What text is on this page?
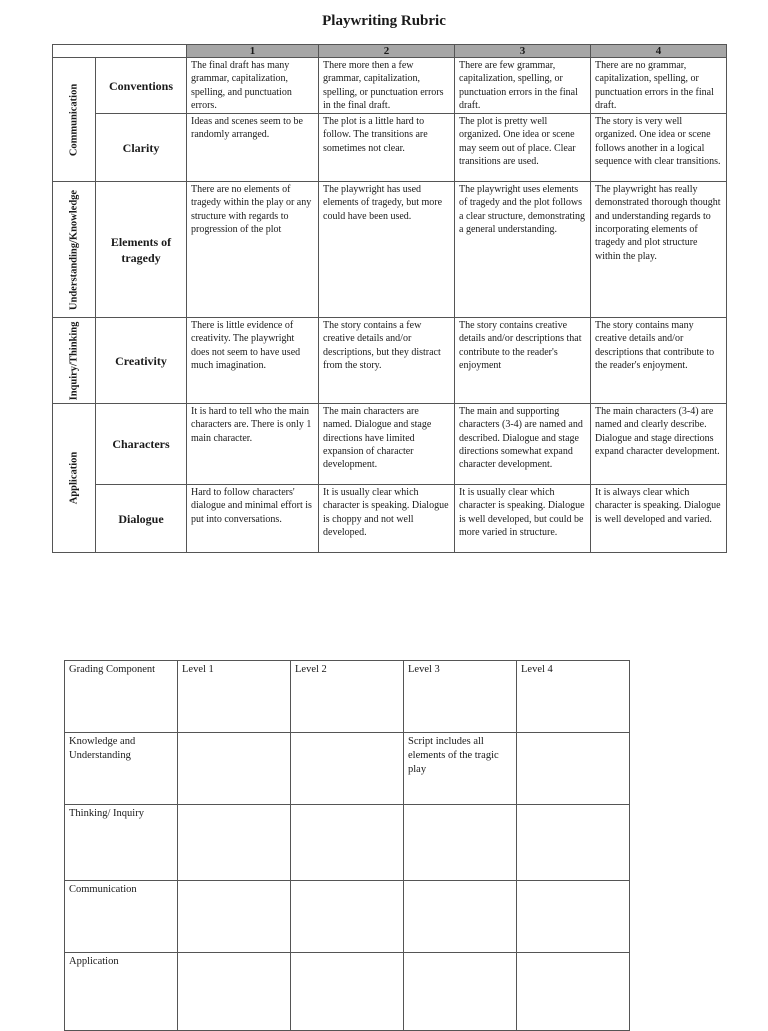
Playwriting Rubric
		1	2	3	4

Communication	Conventions	The final draft has many grammar, capitalization, spelling, and punctuation errors.	There more then a few grammar, capitalization, spelling, or punctuation errors in the final draft.	There are few grammar, capitalization, spelling, or punctuation errors in the final draft.	There are no grammar, capitalization, spelling, or punctuation errors in the final draft.
	Clarity	Ideas and scenes seem to be randomly arranged.	The plot is a little hard to follow. The transitions are sometimes not clear.	The plot is pretty well organized. One idea or scene may seem out of place. Clear transitions are used.	The story is very well organized. One idea or scene follows another in a logical sequence with clear transitions.

Understanding/Knowledge	Elements of tragedy	There are no elements of tragedy within the play or any structure with regards to progression of the plot	The playwright has used elements of tragedy, but more could have been used.	The playwright uses elements of tragedy and the plot follows a clear structure, demonstrating a general understanding.	The playwright has really demonstrated thorough thought and understanding regards to incorporating elements of tragedy and plot structure within the play.

Inquiry/Thinking	Creativity	There is little evidence of creativity. The playwright does not seem to have used much imagination.	The story contains a few creative details and/or descriptions, but they distract from the story.	The story contains creative details and/or descriptions that contribute to the reader's enjoyment	The story contains many creative details and/or descriptions that contribute to the reader's enjoyment.

Application	Characters	It is hard to tell who the main characters are. There is only 1 main character.	The main characters are named. Dialogue and stage directions have limited expansion of character development.	The main and supporting characters (3-4) are named and described. Dialogue and stage directions somewhat expand character development.	The main characters (3-4) are named and clearly describe. Dialogue and stage directions expand character development.
	Dialogue	Hard to follow characters' dialogue and minimal effort is put into conversations.	It is usually clear which character is speaking. Dialogue is choppy and not well developed.	It is usually clear which character is speaking. Dialogue is well developed, but could be more varied in structure.	It is always clear which character is speaking. Dialogue is well developed and varied.
Grading Component	Level 1	Level 2	Level 3	Level 4
Knowledge and Understanding			Script includes all elements of the tragic play	
Thinking/ Inquiry				
Communication				
Application				
